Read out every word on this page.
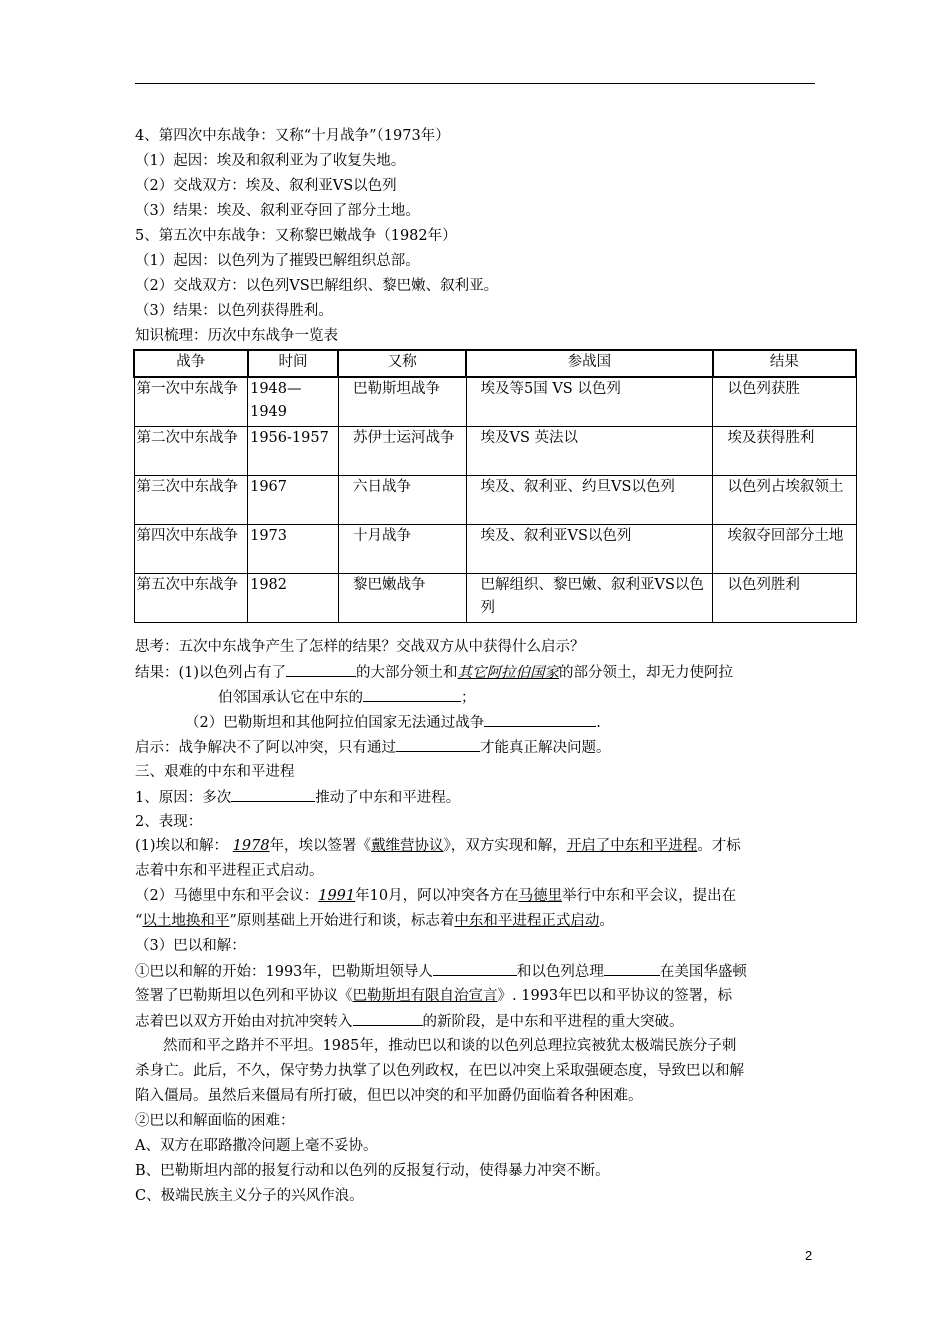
4、第四次中东战争：又称“十月战争”（1973年）
（1）起因：埃及和叙利亚为了收复失地。
（2）交战双方：埃及、叙利亚VS以色列
（3）结果：埃及、叙利亚夺回了部分土地。
5、第五次中东战争：又称黎巴嫩战争（1982年）
（1）起因：以色列为了摧毁巴解组织总部。
（2）交战双方：以色列VS巴解组织、黎巴嫩、叙利亚。
（3）结果：以色列获得胜利。
知识梳理：历次中东战争一览表
战争	时间	又称	参战国	结果
第一次中东战争	1948—1949	巴勒斯坦战争	埃及等5国 VS 以色列	以色列获胜
第二次中东战争	1956-1957	苏伊士运河战争	埃及VS 英法以	埃及获得胜利
第三次中东战争	1967	六日战争	埃及、叙利亚、约旦VS以色列	以色列占埃叙领土
第四次中东战争	1973	十月战争	埃及、叙利亚VS以色列	埃叙夺回部分土地
第五次中东战争	1982	黎巴嫩战争	巴解组织、黎巴嫩、叙利亚VS以色列	以色列胜利
思考：五次中东战争产生了怎样的结果？交战双方从中获得什么启示？
结果：(1)以色列占有了	的大部分领土和其它阿拉伯国家的部分领土，却无力使阿拉
伯邻国承认它在中东的	；
（2）巴勒斯坦和其他阿拉伯国家无法通过战争	.
启示：战争解决不了阿以冲突，只有通过	才能真正解决问题。
三、艰难的中东和平进程
1、原因：多次	推动了中东和平进程。
2、表现：
(1)埃以和解： 1978年，埃以签署《戴维营协议》，双方实现和解，开启了中东和平进程。才标
志着中东和平进程正式启动。
（2）马德里中东和平会议：1991年10月，阿以冲突各方在马德里举行中东和平会议，提出在
“以土地换和平”原则基础上开始进行和谈，标志着中东和平进程正式启动。
（3）巴以和解：
①巴以和解的开始：1993年，巴勒斯坦领导人	和以色列总理	在美国华盛顿
签署了巴勒斯坦以色列和平协议《巴勒斯坦有限自治宣言》. 1993年巴以和平协议的签署，标
志着巴以双方开始由对抗冲突转入	的新阶段，是中东和平进程的重大突破。
然而和平之路并不平坦。1985年，推动巴以和谈的以色列总理拉宾被犹太极端民族分子刺
杀身亡。此后，不久，保守势力执掌了以色列政权，在巴以冲突上采取强硬态度，导致巴以和解
陷入僵局。虽然后来僵局有所打破，但巴以冲突的和平加爵仍面临着各种困难。
②巴以和解面临的困难：
A、双方在耶路撒冷问题上毫不妥协。
B、巴勒斯坦内部的报复行动和以色列的反报复行动，使得暴力冲突不断。
C、极端民族主义分子的兴风作浪。
2
